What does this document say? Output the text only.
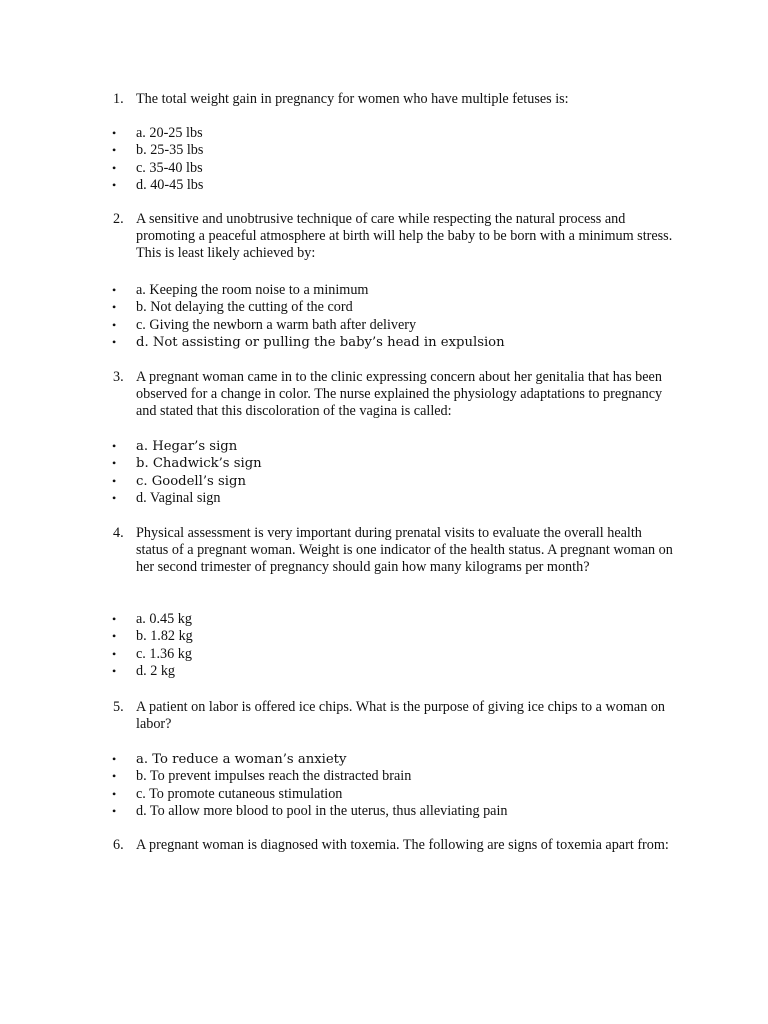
1. The total weight gain in pregnancy for women who have multiple fetuses is:

• a. 20-25 lbs
• b. 25-35 lbs
• c. 35-40 lbs
• d. 40-45 lbs
2. A sensitive and unobtrusive technique of care while respecting the natural process and promoting a peaceful atmosphere at birth will help the baby to be born with a minimum stress. This is least likely achieved by:

• a. Keeping the room noise to a minimum
• b. Not delaying the cutting of the cord
• c. Giving the newborn a warm bath after delivery
• d. Not assisting or pulling the baby’s head in expulsion
3. A pregnant woman came in to the clinic expressing concern about her genitalia that has been observed for a change in color. The nurse explained the physiology adaptations to pregnancy and stated that this discoloration of the vagina is called:

• a. Hegar’s sign
• b. Chadwick’s sign
• c. Goodell’s sign
• d. Vaginal sign
4. Physical assessment is very important during prenatal visits to evaluate the overall health status of a pregnant woman. Weight is one indicator of the health status. A pregnant woman on her second trimester of pregnancy should gain how many kilograms per month?

• a. 0.45 kg
• b. 1.82 kg
• c. 1.36 kg
• d. 2 kg
5. A patient on labor is offered ice chips. What is the purpose of giving ice chips to a woman on labor?

• a. To reduce a woman’s anxiety
• b. To prevent impulses reach the distracted brain
• c. To promote cutaneous stimulation
• d. To allow more blood to pool in the uterus, thus alleviating pain
6. A pregnant woman is diagnosed with toxemia. The following are signs of toxemia apart from:
